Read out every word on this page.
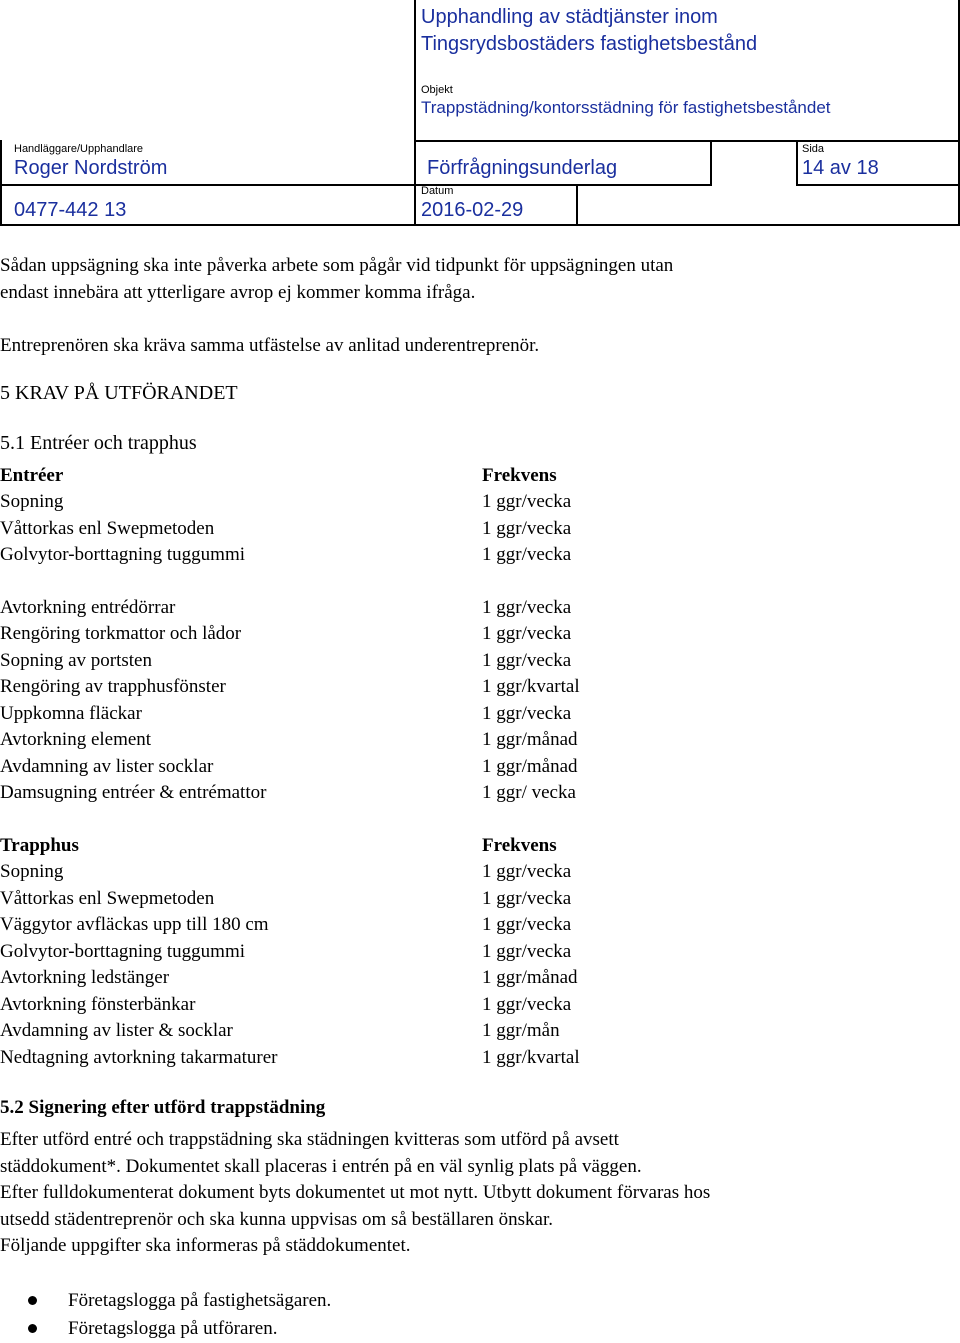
Upphandling av städtjänster inom
Tingsrydsbostäders fastighetsbestånd
Objekt
Trappstädning/kontorsstädning för fastighetsbeståndet
Handläggare/Upphandlare
Roger Nordström	Förfrågningsunderlag
Sida
14 av 18
0477-442 13
Datum
2016-02-29
Sådan uppsägning ska inte påverka arbete som pågår vid tidpunkt för uppsägningen utan
endast innebära att ytterligare avrop ej kommer komma ifråga.
Entreprenören ska kräva samma utfästelse av anlitad underentreprenör.
5 KRAV PÅ UTFÖRANDET
5.1 Entréer och trapphus
Entréer	Frekvens
Sopning	1 ggr/vecka
Våttorkas enl Swepmetoden	1 ggr/vecka
Golvytor-borttagning tuggummi	1 ggr/vecka
Avtorkning entrédörrar	1 ggr/vecka
Rengöring torkmattor och lådor	1 ggr/vecka
Sopning av portsten	1 ggr/vecka
Rengöring av trapphusfönster	1 ggr/kvartal
Uppkomna fläckar	1 ggr/vecka
Avtorkning element	1 ggr/månad
Avdamning av lister socklar	1 ggr/månad
Damsugning entréer & entrémattor	1 ggr/ vecka
Trapphus	Frekvens
Sopning	1 ggr/vecka
Våttorkas enl Swepmetoden	1 ggr/vecka
Väggytor avfläckas upp till 180 cm	1 ggr/vecka
Golvytor-borttagning tuggummi	1 ggr/vecka
Avtorkning ledstänger	1 ggr/månad
Avtorkning fönsterbänkar	1 ggr/vecka
Avdamning av lister & socklar	1 ggr/mån
Nedtagning avtorkning takarmaturer	1 ggr/kvartal
5.2 Signering efter utförd trappstädning
Efter utförd entré och trappstädning ska städningen kvitteras som utförd på avsett
städdokument*. Dokumentet skall placeras i entrén på en väl synlig plats på väggen.
Efter fulldokumenterat dokument byts dokumentet ut mot nytt. Utbytt dokument förvaras hos
utsedd städentreprenör och ska kunna uppvisas om så beställaren önskar.
Följande uppgifter ska informeras på städdokumentet.
Företagslogga på fastighetsägaren.
Företagslogga på utföraren.
